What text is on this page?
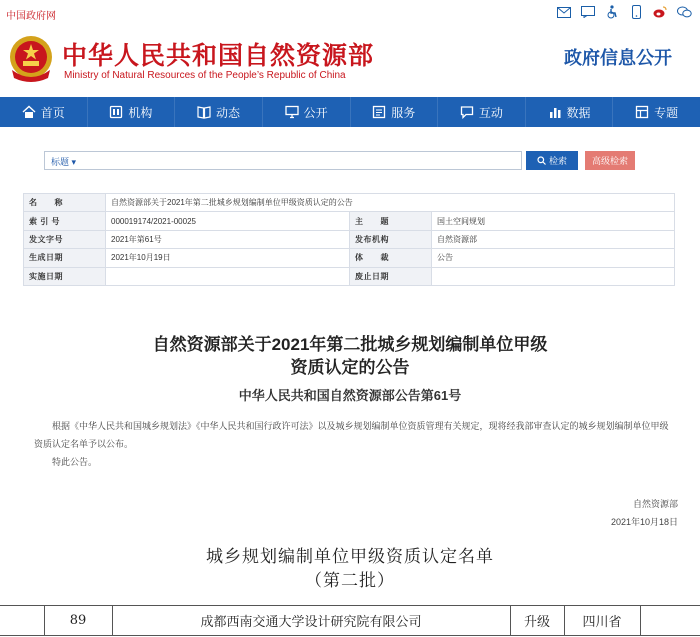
中国政府网
中华人民共和国自然资源部
Ministry of Natural Resources of the People’s Republic of China
政府信息公开
首页	机构	动态	公开	服务	互动	数据	专题
标题 ▾	检索	高级检索
名　　称	自然资源部关于2021年第二批城乡规划编制单位甲级资质认定的公告		
索 引 号	000019174/2021-00025	主　　题	国土空间规划
发文字号	2021年第61号	发布机构	自然资源部
生成日期	2021年10月19日	体　　裁	公告
实施日期		废止日期	
自然资源部关于2021年第二批城乡规划编制单位甲级
资质认定的公告
中华人民共和国自然资源部公告第61号
根据《中华人民共和国城乡规划法》《中华人民共和国行政许可法》以及城乡规划编制单位资质管理有关规定，现将经我部审查认定的城乡规划编制单位甲级资质认定名单予以公布。
特此公告。
自然资源部
2021年10月18日
城乡规划编制单位甲级资质认定名单
（第二批）
	89	成都西南交通大学设计研究院有限公司	升级	四川省	
